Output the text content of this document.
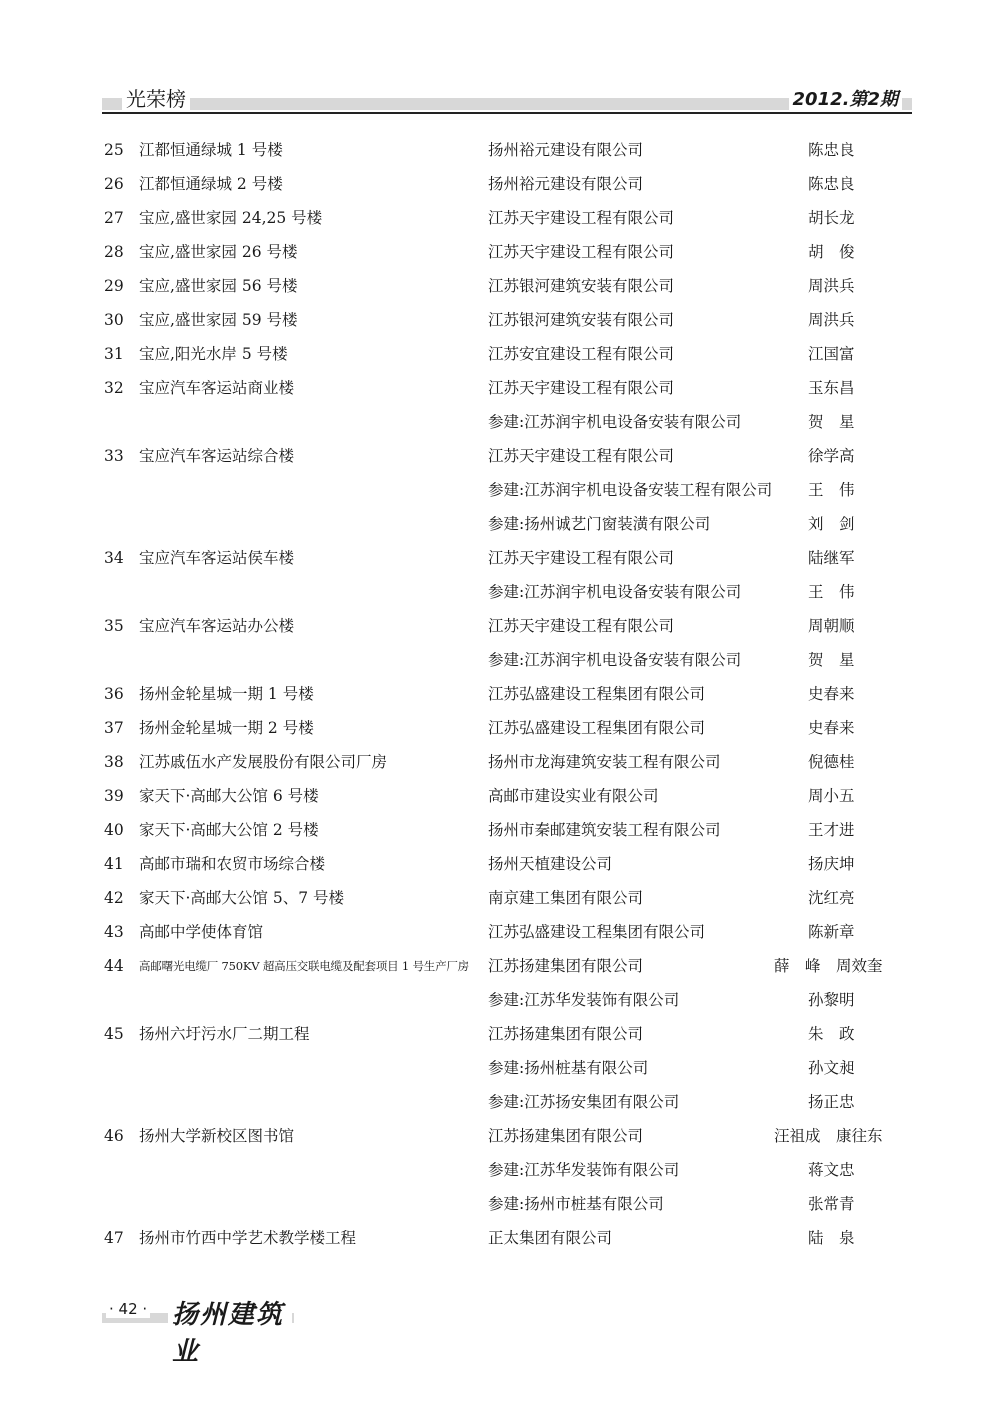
光荣榜	2012.第2期
25 江都恒通绿城 1 号楼	扬州裕元建设有限公司	陈忠良
26 江都恒通绿城 2 号楼	扬州裕元建设有限公司	陈忠良
27 宝应,盛世家园 24,25 号楼	江苏天宇建设工程有限公司	胡长龙
28 宝应,盛世家园 26 号楼	江苏天宇建设工程有限公司	胡　俊
29 宝应,盛世家园 56 号楼	江苏银河建筑安装有限公司	周洪兵
30 宝应,盛世家园 59 号楼	江苏银河建筑安装有限公司	周洪兵
31 宝应,阳光水岸 5 号楼	江苏安宜建设工程有限公司	江国富
32 宝应汽车客运站商业楼	江苏天宇建设工程有限公司	玉东昌
参建:江苏润宇机电设备安装有限公司	贺　星
33 宝应汽车客运站综合楼	江苏天宇建设工程有限公司	徐学高
参建:江苏润宇机电设备安装工程有限公司 王　伟
参建:扬州诚艺门窗装潢有限公司	刘　剑
34 宝应汽车客运站侯车楼	江苏天宇建设工程有限公司	陆继军
参建:江苏润宇机电设备安装有限公司	王　伟
35 宝应汽车客运站办公楼	江苏天宇建设工程有限公司	周朝顺
参建:江苏润宇机电设备安装有限公司	贺　星
36 扬州金轮星城一期 1 号楼	江苏弘盛建设工程集团有限公司	史春来
37 扬州金轮星城一期 2 号楼	江苏弘盛建设工程集团有限公司	史春来
38 江苏戚伍水产发展股份有限公司厂房	扬州市龙海建筑安装工程有限公司	倪德桂
39 家天下·高邮大公馆 6 号楼	高邮市建设实业有限公司	周小五
40 家天下·高邮大公馆 2 号楼	扬州市秦邮建筑安装工程有限公司	王才进
41 高邮市瑞和农贸市场综合楼	扬州天植建设公司	扬庆坤
42 家天下·高邮大公馆 5、7 号楼	南京建工集团有限公司	沈红亮
43 高邮中学使体育馆	江苏弘盛建设工程集团有限公司	陈新章
44 高邮曙光电缆厂 750KV 超高压交联电缆及配套项目 1 号生产厂房 江苏扬建集团有限公司	薛　峰　周效奎
参建:江苏华发装饰有限公司	孙黎明
45 扬州六圩污水厂二期工程	江苏扬建集团有限公司	朱　政
参建:扬州桩基有限公司	孙文昶
参建:江苏扬安集团有限公司	扬正忠
46 扬州大学新校区图书馆	江苏扬建集团有限公司	汪祖成　康往东
参建:江苏华发装饰有限公司	蒋文忠
参建:扬州市桩基有限公司	张常青
47 扬州市竹西中学艺术教学楼工程	正太集团有限公司	陆　泉
· 42 · 扬州建筑业
